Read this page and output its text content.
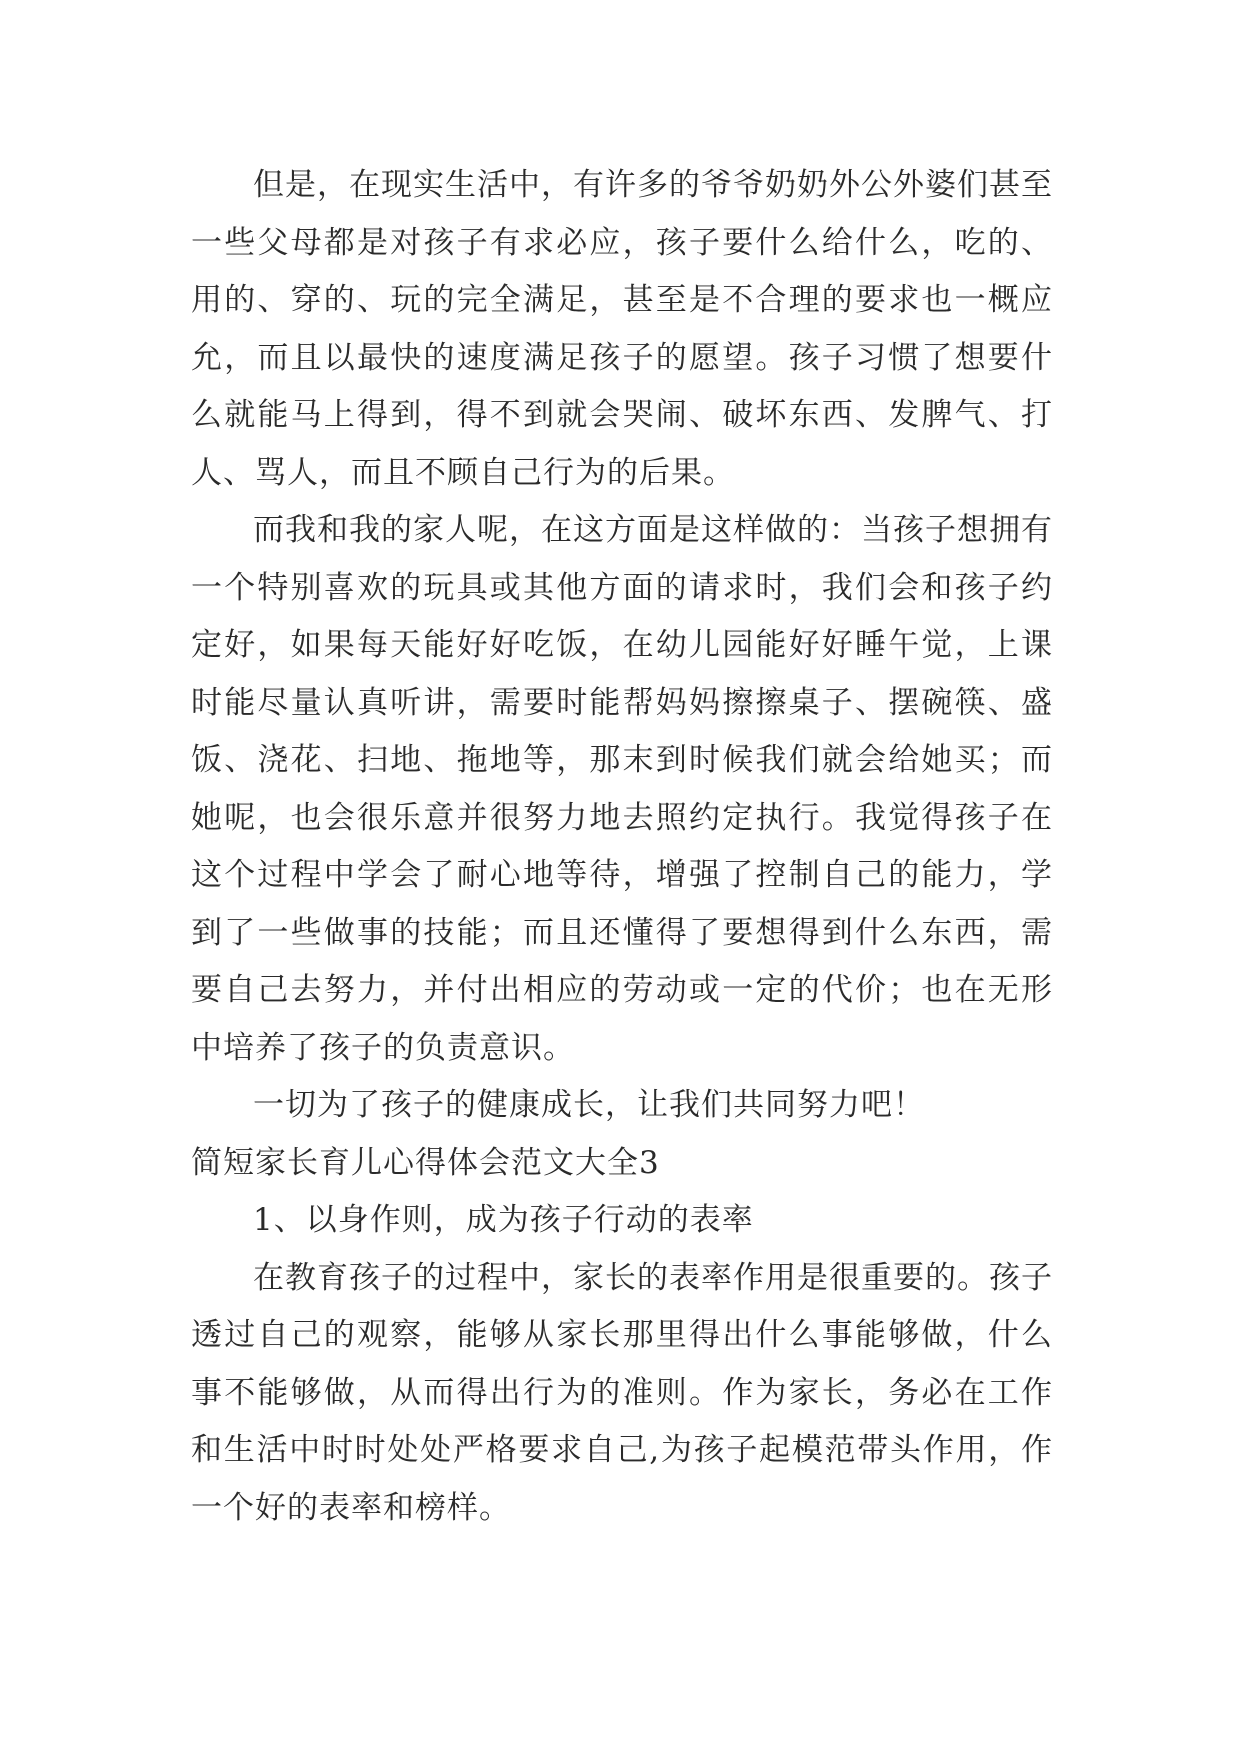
但是，在现实生活中，有许多的爷爷奶奶外公外婆们甚至一些父母都是对孩子有求必应，孩子要什么给什么，吃的、用的、穿的、玩的完全满足，甚至是不合理的要求也一概应允，而且以最快的速度满足孩子的愿望。孩子习惯了想要什么就能马上得到，得不到就会哭闹、破坏东西、发脾气、打人、骂人，而且不顾自己行为的后果。

而我和我的家人呢，在这方面是这样做的：当孩子想拥有一个特别喜欢的玩具或其他方面的请求时，我们会和孩子约定好，如果每天能好好吃饭，在幼儿园能好好睡午觉，上课时能尽量认真听讲，需要时能帮妈妈擦擦桌子、摆碗筷、盛饭、浇花、扫地、拖地等，那末到时候我们就会给她买；而她呢，也会很乐意并很努力地去照约定执行。我觉得孩子在这个过程中学会了耐心地等待，增强了控制自己的能力，学到了一些做事的技能；而且还懂得了要想得到什么东西，需要自己去努力，并付出相应的劳动或一定的代价；也在无形中培养了孩子的负责意识。

一切为了孩子的健康成长，让我们共同努力吧！

简短家长育儿心得体会范文大全3

1、以身作则，成为孩子行动的表率

在教育孩子的过程中，家长的表率作用是很重要的。孩子透过自己的观察，能够从家长那里得出什么事能够做，什么事不能够做，从而得出行为的准则。作为家长，务必在工作和生活中时时处处严格要求自己,为孩子起模范带头作用，作一个好的表率和榜样。
